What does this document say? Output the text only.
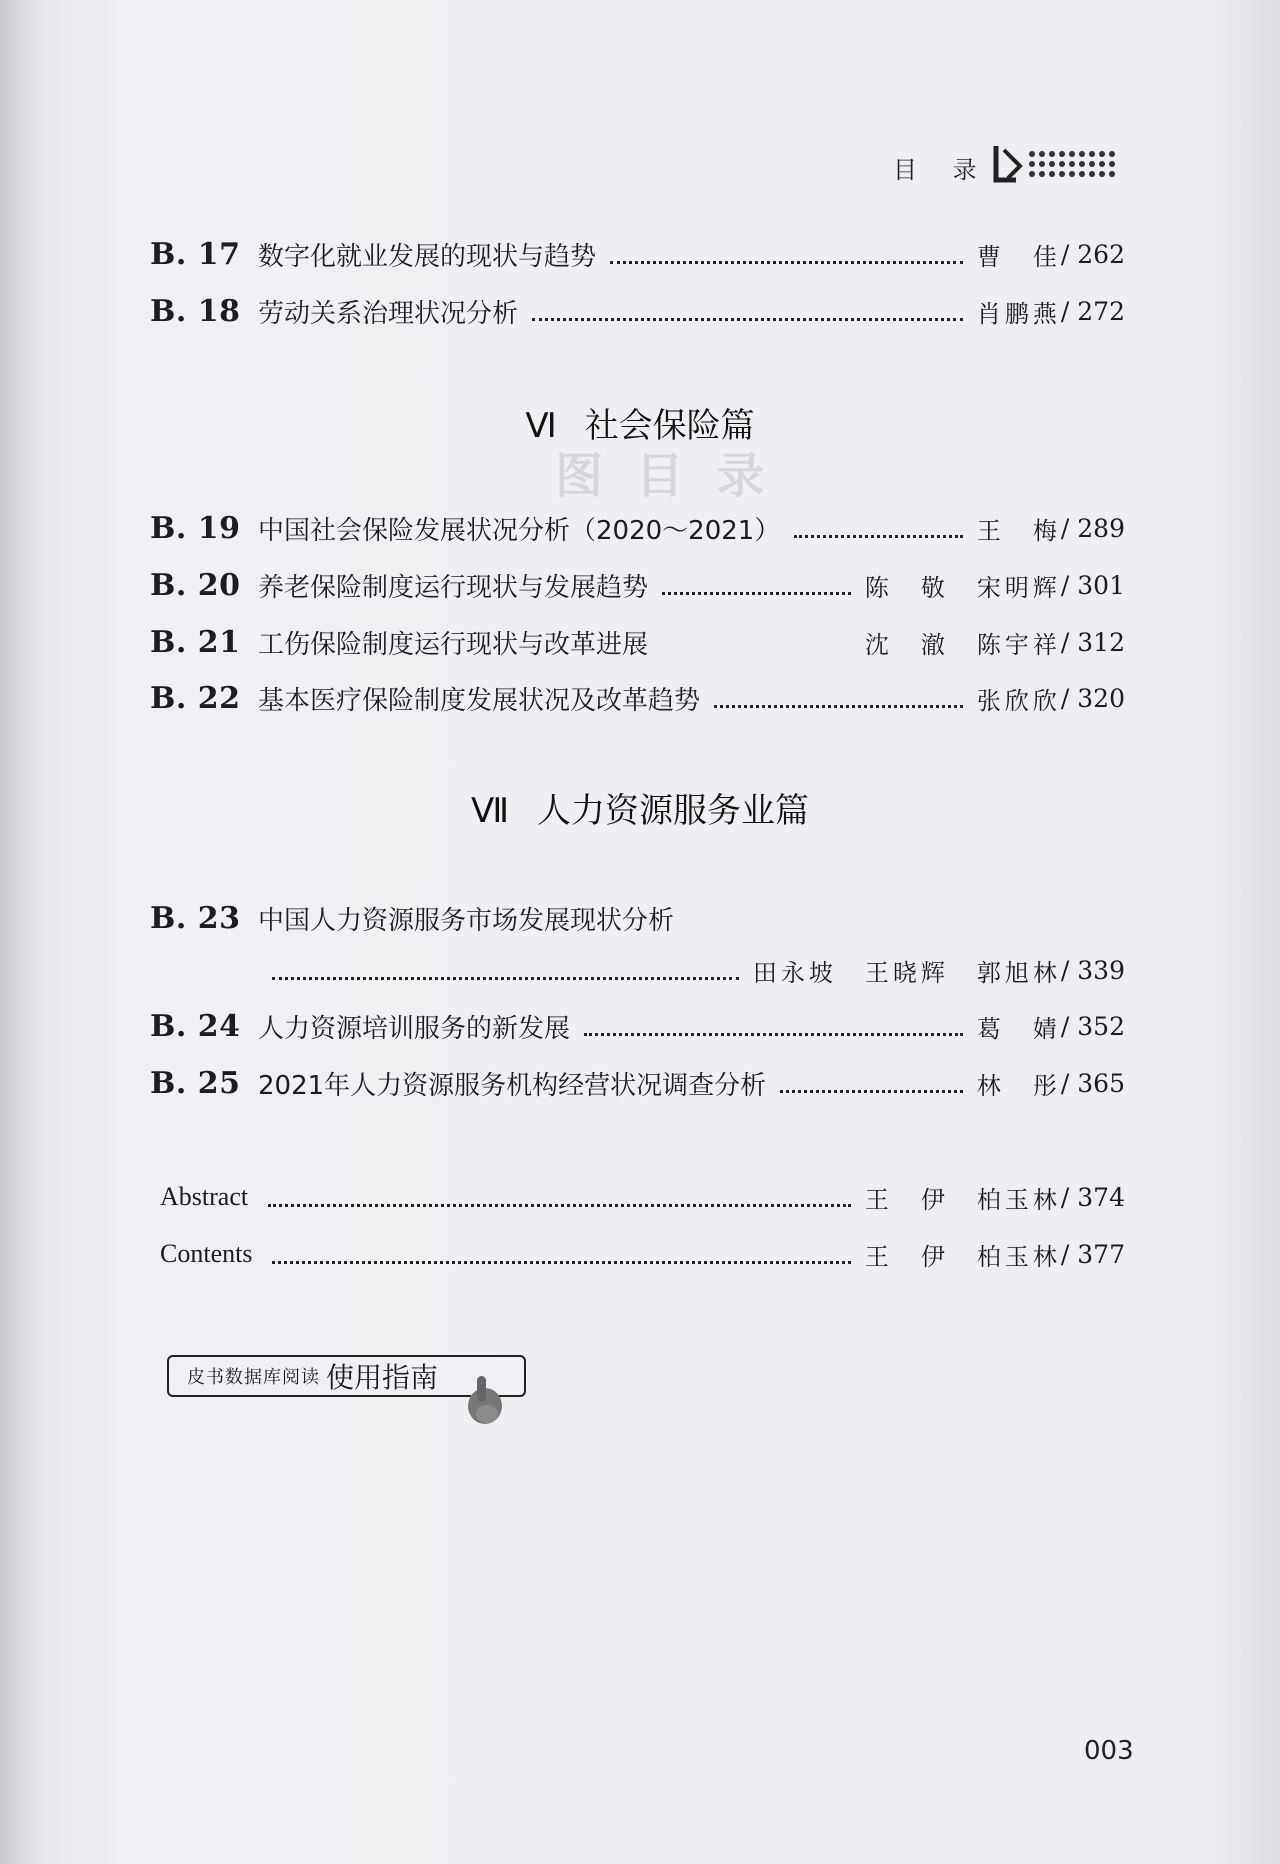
图 目 录
目 录
B. 17 数字化就业发展的现状与趋势	曹　佳 / 262
B. 18 劳动关系治理状况分析	肖鹏燕 / 272
Ⅵ 社会保险篇
B. 19 中国社会保险发展状况分析（2020～2021）	王　梅 / 289
B. 20 养老保险制度运行现状与发展趋势	陈　敬　宋明辉 / 301
B. 21 工伤保险制度运行现状与改革进展	沈　澈　陈宇祥 / 312
B. 22 基本医疗保险制度发展状况及改革趋势	张欣欣 / 320
Ⅶ 人力资源服务业篇
B. 23 中国人力资源服务市场发展现状分析
田永坡　王晓辉　郭旭林 / 339
B. 24 人力资源培训服务的新发展	葛　婧 / 352
B. 25 2021年人力资源服务机构经营状况调查分析	林　彤 / 365
Abstract	王　伊　柏玉林 / 374
Contents	王　伊　柏玉林 / 377
皮书数据库阅读 使用指南
003
